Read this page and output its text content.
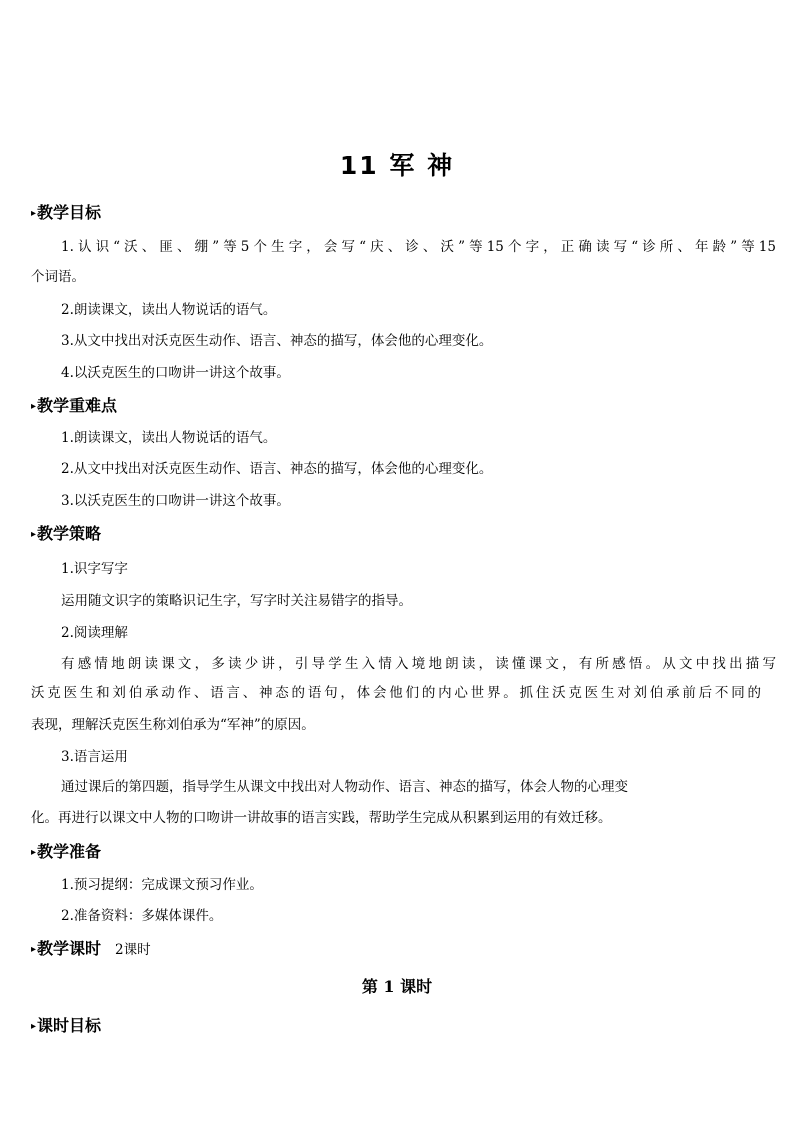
11 军 神
▸教学目标
1.认识“沃、匪、绷”等5个生字，会写“庆、诊、沃”等15个字，正确读写“诊所、年龄”等15
个词语。
2.朗读课文，读出人物说话的语气。
3.从文中找出对沃克医生动作、语言、神态的描写，体会他的心理变化。
4.以沃克医生的口吻讲一讲这个故事。
▸教学重难点
1.朗读课文，读出人物说话的语气。
2.从文中找出对沃克医生动作、语言、神态的描写，体会他的心理变化。
3.以沃克医生的口吻讲一讲这个故事。
▸教学策略
1.识字写字
运用随文识字的策略识记生字，写字时关注易错字的指导。
2.阅读理解
有感情地朗读课文，多读少讲，引导学生入情入境地朗读，读懂课文，有所感悟。从文中找出描写
沃克医生和刘伯承动作、语言、神态的语句，体会他们的内心世界。抓住沃克医生对刘伯承前后不同的
表现，理解沃克医生称刘伯承为“军神”的原因。
3.语言运用
通过课后的第四题，指导学生从课文中找出对人物动作、语言、神态的描写，体会人物的心理变
化。再进行以课文中人物的口吻讲一讲故事的语言实践，帮助学生完成从积累到运用的有效迁移。
▸教学准备
1.预习提纲：完成课文预习作业。
2.准备资料：多媒体课件。
▸教学课时 2课时
第 1 课时
▸课时目标
